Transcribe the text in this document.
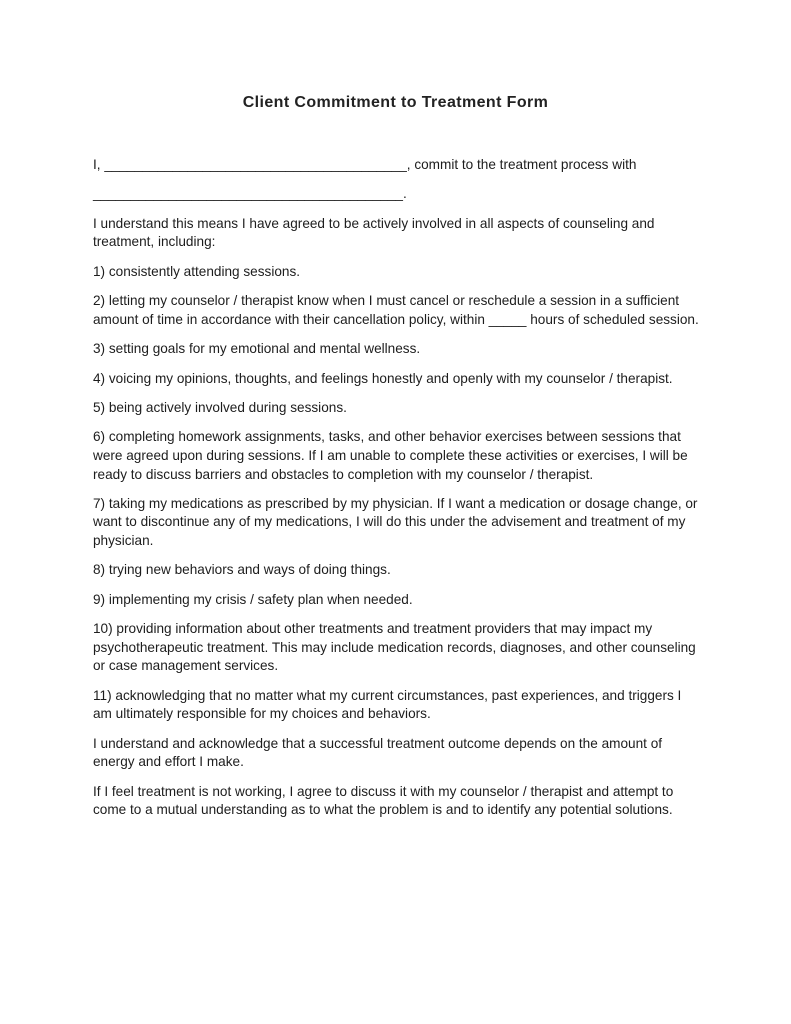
Client Commitment to Treatment Form

I, ________________________________________, commit to the treatment process with

_________________________________________.

I understand this means I have agreed to be actively involved in all aspects of counseling and treatment, including:

1) consistently attending sessions.

2) letting my counselor / therapist know when I must cancel or reschedule a session in a sufficient amount of time in accordance with their cancellation policy, within _____ hours of scheduled session.

3) setting goals for my emotional and mental wellness.

4) voicing my opinions, thoughts, and feelings honestly and openly with my counselor / therapist.

5) being actively involved during sessions.

6) completing homework assignments, tasks, and other behavior exercises between sessions that were agreed upon during sessions. If I am unable to complete these activities or exercises, I will be ready to discuss barriers and obstacles to completion with my counselor / therapist.

7) taking my medications as prescribed by my physician. If I want a medication or dosage change, or want to discontinue any of my medications, I will do this under the advisement and treatment of my physician.

8) trying new behaviors and ways of doing things.

9) implementing my crisis / safety plan when needed.

10) providing information about other treatments and treatment providers that may impact my psychotherapeutic treatment. This may include medication records, diagnoses, and other counseling or case management services.

11) acknowledging that no matter what my current circumstances, past experiences, and triggers I am ultimately responsible for my choices and behaviors.

I understand and acknowledge that a successful treatment outcome depends on the amount of energy and effort I make.

If I feel treatment is not working, I agree to discuss it with my counselor / therapist and attempt to come to a mutual understanding as to what the problem is and to identify any potential solutions.
